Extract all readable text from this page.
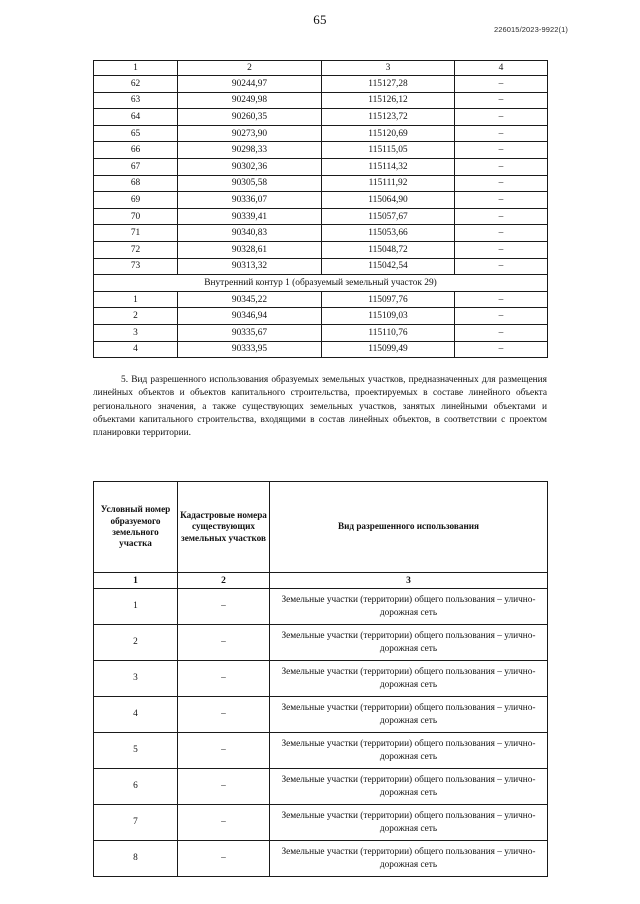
65
226015/2023-9922(1)
1	2	3	4
62	90244,97	115127,28	–
63	90249,98	115126,12	–
64	90260,35	115123,72	–
65	90273,90	115120,69	–
66	90298,33	115115,05	–
67	90302,36	115114,32	–
68	90305,58	115111,92	–
69	90336,07	115064,90	–
70	90339,41	115057,67	–
71	90340,83	115053,66	–
72	90328,61	115048,72	–
73	90313,32	115042,54	–
Внутренний контур 1 (образуемый земельный участок 29)			
1	90345,22	115097,76	–
2	90346,94	115109,03	–
3	90335,67	115110,76	–
4	90333,95	115099,49	–
5. Вид разрешенного использования образуемых земельных участков, предназначенных для размещения линейных объектов и объектов капитального строительства, проектируемых в составе линейного объекта регионального значения, а также существующих земельных участков, занятых линейными объектами и объектами капитального строительства, входящими в состав линейных объектов, в соответствии с проектом планировки территории.
Условный номер образуемого земельного участка	Кадастровые номера существующих земельных участков	Вид разрешенного использования
1	2	3
1	–	Земельные участки (территории) общего пользования – улично-дорожная сеть
2	–	Земельные участки (территории) общего пользования – улично-дорожная сеть
3	–	Земельные участки (территории) общего пользования – улично-дорожная сеть
4	–	Земельные участки (территории) общего пользования – улично-дорожная сеть
5	–	Земельные участки (территории) общего пользования – улично-дорожная сеть
6	–	Земельные участки (территории) общего пользования – улично-дорожная сеть
7	–	Земельные участки (территории) общего пользования – улично-дорожная сеть
8	–	Земельные участки (территории) общего пользования – улично-дорожная сеть
